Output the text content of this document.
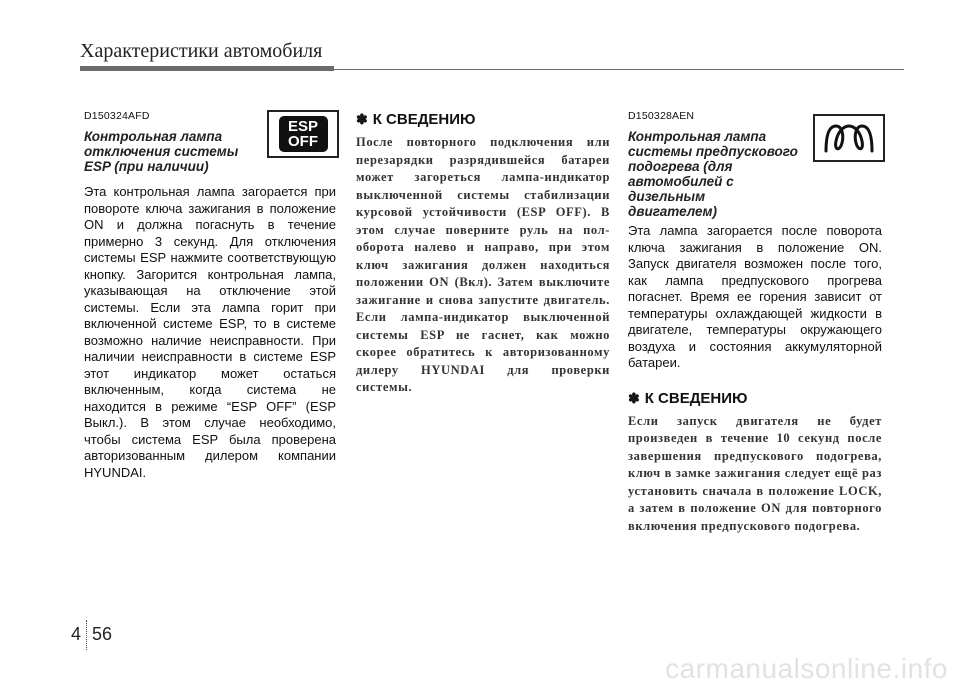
Характеристики автомобиля
D150324AFD
Контрольная лампа
отключения системы
ESP (при наличии)
Эта контрольная лампа загорается при повороте ключа зажигания в положение ON и должна погаснуть в течение примерно 3 секунд. Для отключения системы ESP нажмите соответствующую кнопку. Загорится контрольная лампа, указывающая на отключение этой системы. Если эта лампа горит при включенной системе ESP, то в системе возможно наличие неисправности. При наличии неисправности в системе ESP этот индикатор может остаться включенным, когда система не находится в режиме “ESP OFF” (ESP Выкл.). В этом случае необходимо, чтобы система ESP была проверена авторизованным дилером компании HYUNDAI.
ESP
OFF
✽ К СВЕДЕНИЮ
После повторного подключения или перезарядки разрядившейся батареи может загореться лампа-индикатор выключенной системы стабилизации курсовой устойчивости (ESP OFF). В этом случае поверните руль на пол-оборота налево и направо, при этом ключ зажигания должен находиться положении ON (Вкл). Затем выключите зажигание и снова запустите двигатель. Если лампа-индикатор выключенной системы ESP не гаснет, как можно скорее обратитесь к авторизованному дилеру HYUNDAI для проверки системы.
D150328AEN
Контрольная лампа
системы предпускового
подогрева (для
автомобилей с дизельным
двигателем)
Эта лампа загорается после поворота ключа зажигания в положение ON. Запуск двигателя возможен после того, как лампа предпускового прогрева погаснет. Время ее горения зависит от температуры охлаждающей жидкости в двигателе, температуры окружающего воздуха и состояния аккумуляторной батареи.
✽ К СВЕДЕНИЮ
Если запуск двигателя не будет произведен в течение 10 секунд после завершения предпускового подогрева, ключ в замке зажигания следует ещё раз установить сначала в положение LOCK, а затем в положение ON для повторного включения предпускового подогрева.
4 56
carmanualsonline.info
